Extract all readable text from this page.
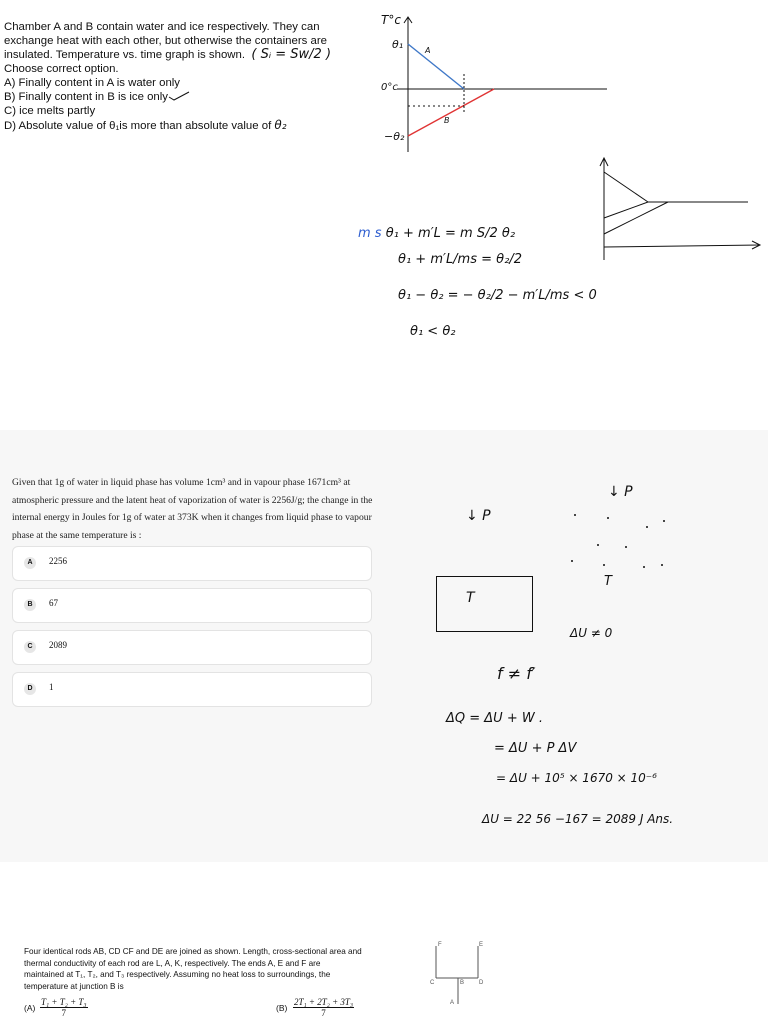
Chamber A and B contain water and ice respectively. They can
exchange heat with each other, but otherwise the containers are
insulated. Temperature vs. time graph is shown. ( Sᵢ = Sw/2 )
Choose correct option.
A) Finally content in A is water only
B) Finally content in B is ice only
C) ice melts partly
D) Absolute value of θ₁is more than absolute value of θ₂
T°c
θ₁
0°c
−θ₂
A
B
m s θ₁ + m′L = m S/2 θ₂
θ₁ + m′L/ms = θ₂/2
θ₁ − θ₂ = − θ₂/2 − m′L/ms < 0
θ₁ < θ₂
Given that 1g of water in liquid phase has volume 1cm³ and in vapour phase 1671cm³ at atmospheric pressure and the latent heat of vaporization of water is 2256J/g; the change in the internal energy in Joules for 1g of water at 373K when it changes from liquid phase to vapour phase at the same temperature is :
A	2256
B	67
C	2089
D	1
↓ P
↓ P
T
T
ΔU ≠ 0
f ≠ f′
ΔQ = ΔU + W .
= ΔU + P ΔV
= ΔU + 10⁵ × 1670 × 10⁻⁶
ΔU = 22 56 −167 = 2089 J Ans.
Four identical rods AB, CD CF and DE are joined as shown. Length, cross-sectional area and
thermal conductivity of each rod are L, A, K, respectively. The ends A, E and F are
maintained at T₁, T₂, and T₃ respectively. Assuming no heat loss to surroundings, the
temperature at junction B is
F	E
C	B D
A
$(A) \frac{\text{T₁ + T₂ + T₃}}{7}$	$(B) \frac{\text{2T₁ + 2T₂ + 3T₃}}{7}$
